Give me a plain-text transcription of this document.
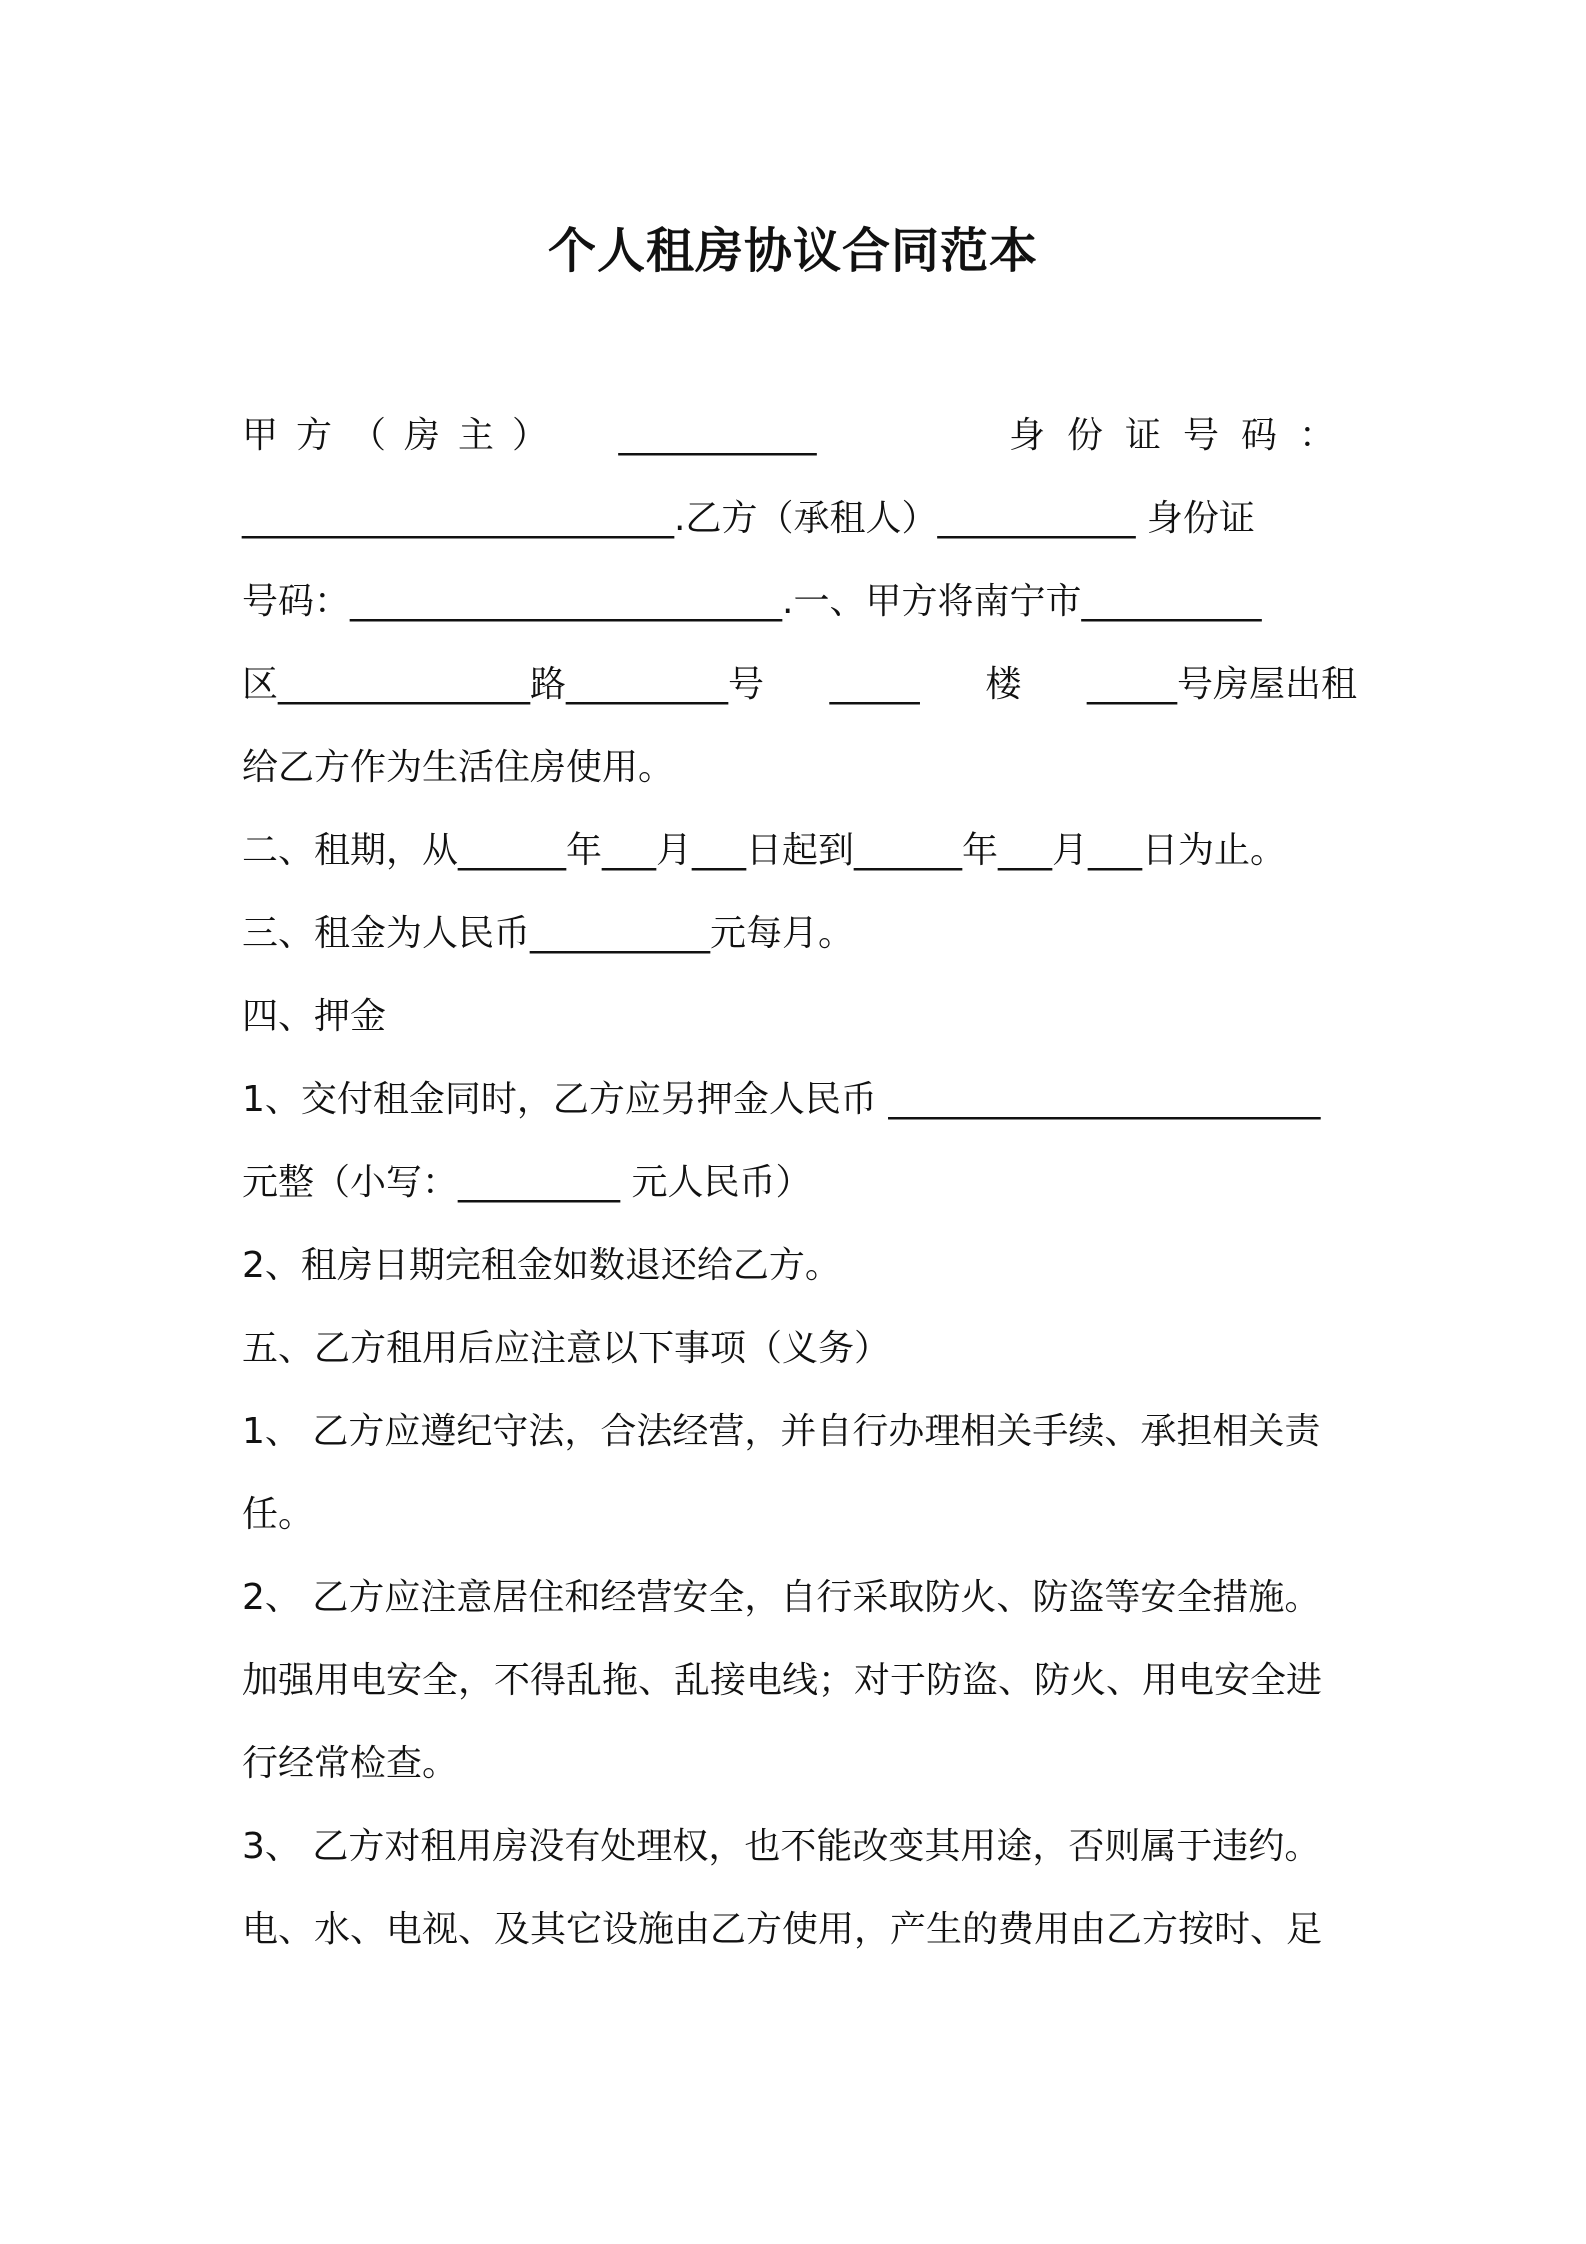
个人租房协议合同范本
甲方（房主） ___________	身份证号码：
________________________.乙方（承租人）___________ 身份证
号码：________________________.一、甲方将南宁市__________
区______________路_________号 _____ 楼 _____号房屋出租
给乙方作为生活住房使用。
二、租期，从______年___月___日起到______年___月___日为止。
三、租金为人民币__________元每月。
四、押金
1、交付租金同时，乙方应另押金人民币 ________________________
元整（小写：_________ 元人民币）
2、租房日期完租金如数退还给乙方。
五、乙方租用后应注意以下事项（义务）
1、 乙方应遵纪守法，合法经营，并自行办理相关手续、承担相关责
任。
2、 乙方应注意居住和经营安全，自行采取防火、防盗等安全措施。
加强用电安全，不得乱拖、乱接电线；对于防盗、防火、用电安全进
行经常检查。
3、 乙方对租用房没有处理权，也不能改变其用途，否则属于违约。
电、水、电视、及其它设施由乙方使用，产生的费用由乙方按时、足
